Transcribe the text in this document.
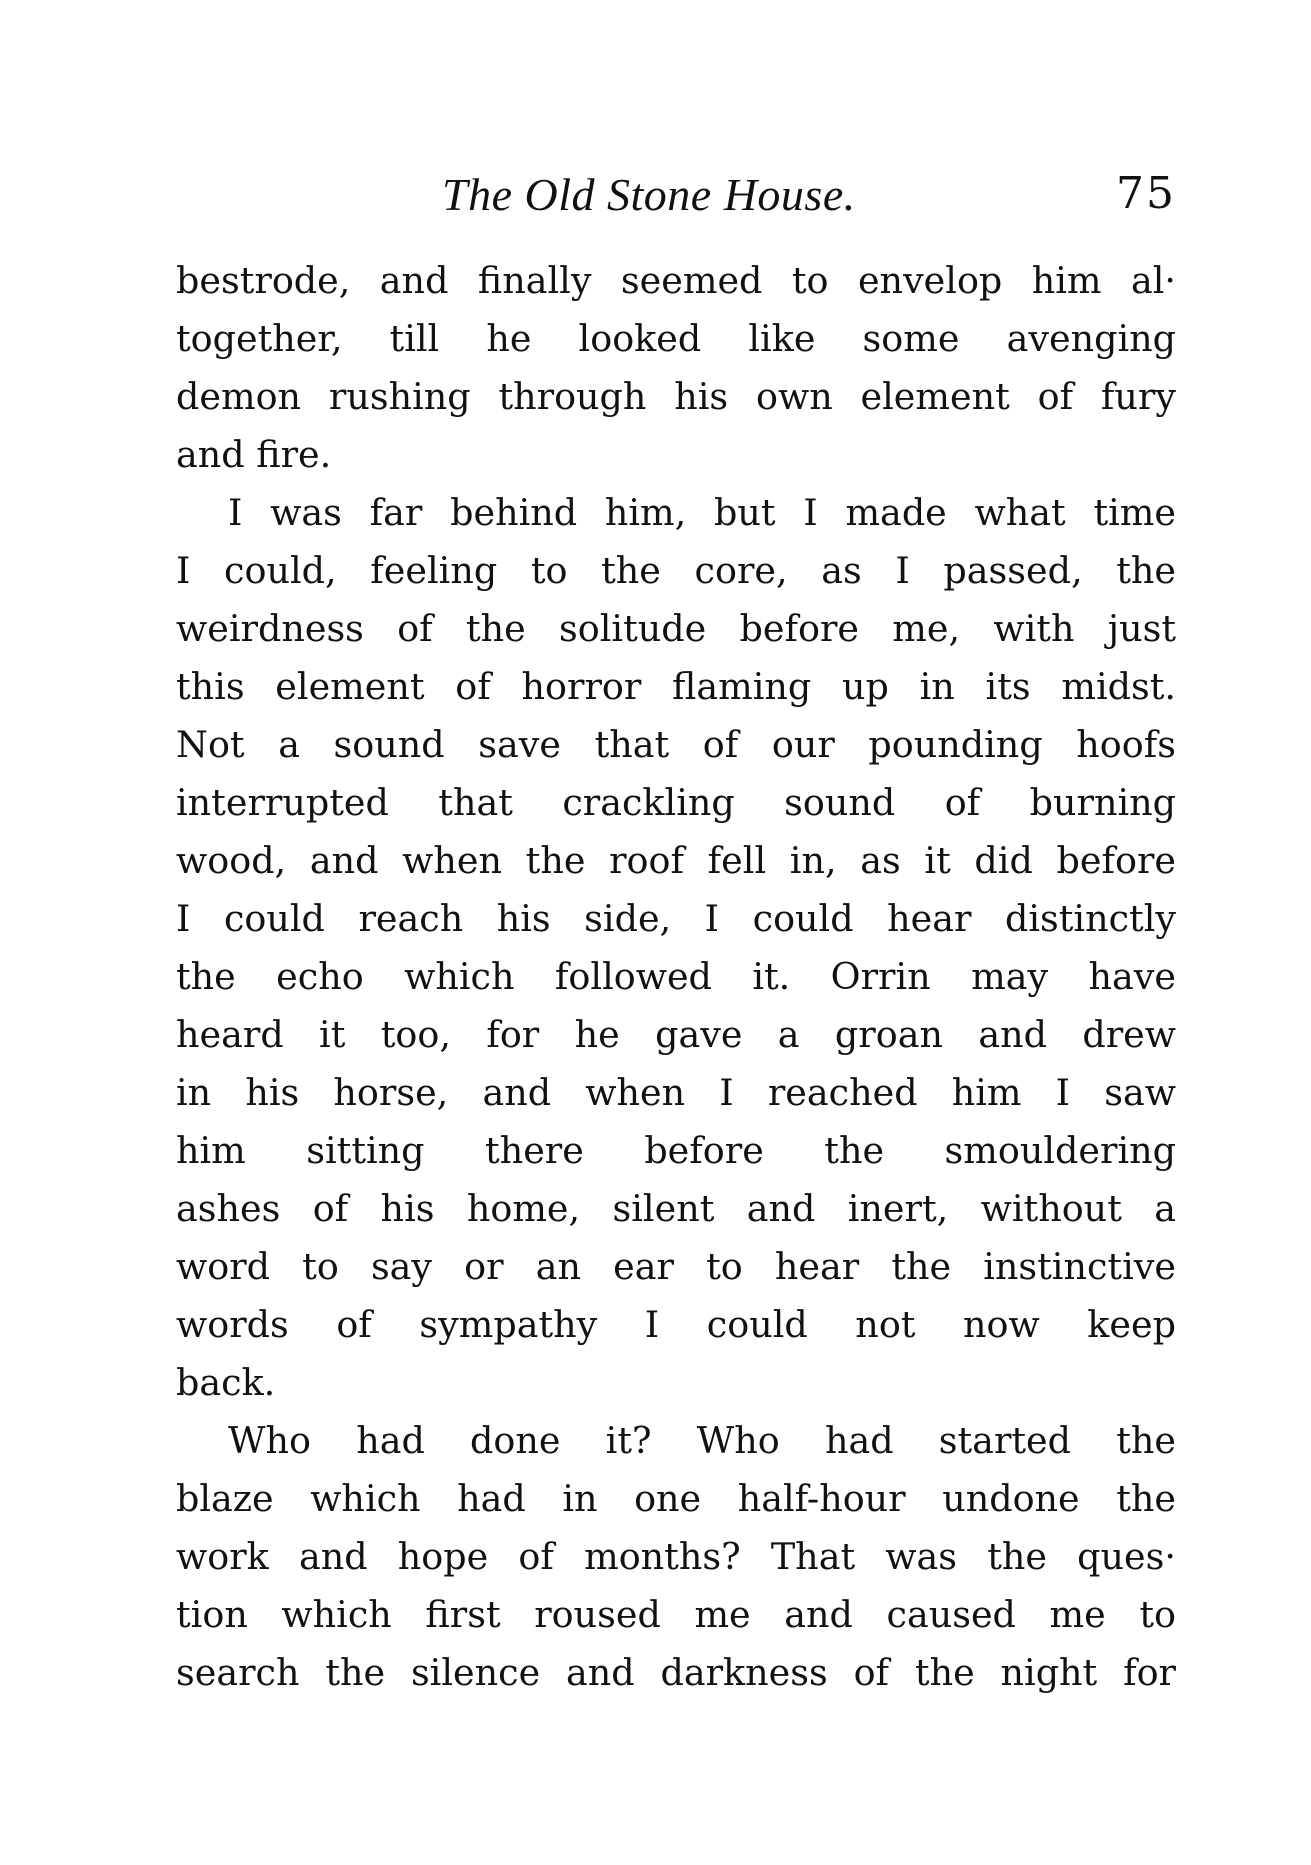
The Old Stone House.	75
bestrode, and finally seemed to envelop him al·
together, till he looked like some avenging
demon rushing through his own element of fury
and fire.
I was far behind him, but I made what time
I could, feeling to the core, as I passed, the
weirdness of the solitude before me, with just
this element of horror flaming up in its midst.
Not a sound save that of our pounding hoofs
interrupted that crackling sound of burning
wood, and when the roof fell in, as it did before
I could reach his side, I could hear distinctly
the echo which followed it. Orrin may have
heard it too, for he gave a groan and drew
in his horse, and when I reached him I saw
him sitting there before the smouldering
ashes of his home, silent and inert, without a
word to say or an ear to hear the instinctive
words of sympathy I could not now keep
back.
Who had done it? Who had started the
blaze which had in one half-hour undone the
work and hope of months? That was the ques·
tion which first roused me and caused me to
search the silence and darkness of the night for
